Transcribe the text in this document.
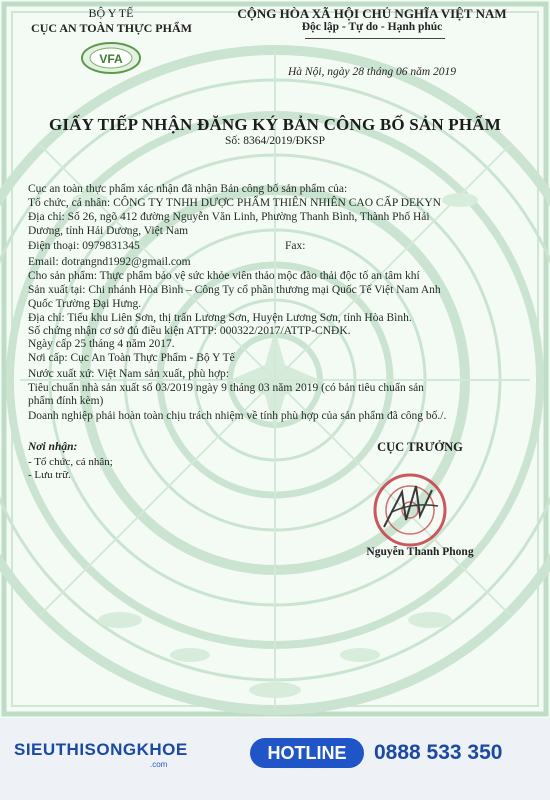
BỘ Y TẾ
CỤC AN TOÀN THỰC PHẨM
VFA
CỘNG HÒA XÃ HỘI CHỦ NGHĨA VIỆT NAM
Độc lập - Tự do - Hạnh phúc
Hà Nội, ngày 28 tháng 06 năm 2019
GIẤY TIẾP NHẬN ĐĂNG KÝ BẢN CÔNG BỐ SẢN PHẨM
Số: 8364/2019/ĐKSP
Cục an toàn thực phẩm xác nhận đã nhận Bản công bố sản phẩm của:
Tổ chức, cá nhân: CÔNG TY TNHH DƯỢC PHẨM THIÊN NHIÊN CAO CẤP DEKYN
Địa chỉ: Số 26, ngõ 412 đường Nguyễn Văn Linh, Phường Thanh Bình, Thành Phố Hải
Dương, tỉnh Hải Dương, Việt Nam
Điện thoại: 0979831345	Fax:
Email: dotrangnd1992@gmail.com
Cho sản phẩm: Thực phẩm bảo vệ sức khỏe viên thảo mộc đào thải độc tố an tâm khí
Sản xuất tại: Chi nhánh Hòa Bình – Công Ty cổ phần thương mại Quốc Tế Việt Nam Anh
Quốc Trường Đại Hưng.
Địa chỉ: Tiểu khu Liên Sơn, thị trấn Lương Sơn, Huyện Lương Sơn, tỉnh Hòa Bình.
Số chứng nhận cơ sở đủ điều kiện ATTP: 000322/2017/ATTP-CNĐK.
Ngày cấp 25 tháng 4 năm 2017.
Nơi cấp: Cục An Toàn Thực Phẩm - Bộ Y Tế
Nước xuất xứ: Việt Nam sản xuất, phù hợp:
Tiêu chuẩn nhà sản xuất số 03/2019 ngày 9 tháng 03 năm 2019 (có bản tiêu chuẩn sản
phẩm đính kèm)
Doanh nghiệp phải hoàn toàn chịu trách nhiệm về tính phù hợp của sản phẩm đã công bố./.
Nơi nhận:
- Tổ chức, cá nhân;
- Lưu trữ.
CỤC TRƯỞNG
Nguyễn Thanh Phong
SIEUTHISONGKHOE
.com
HOTLINE	0888 533 350
